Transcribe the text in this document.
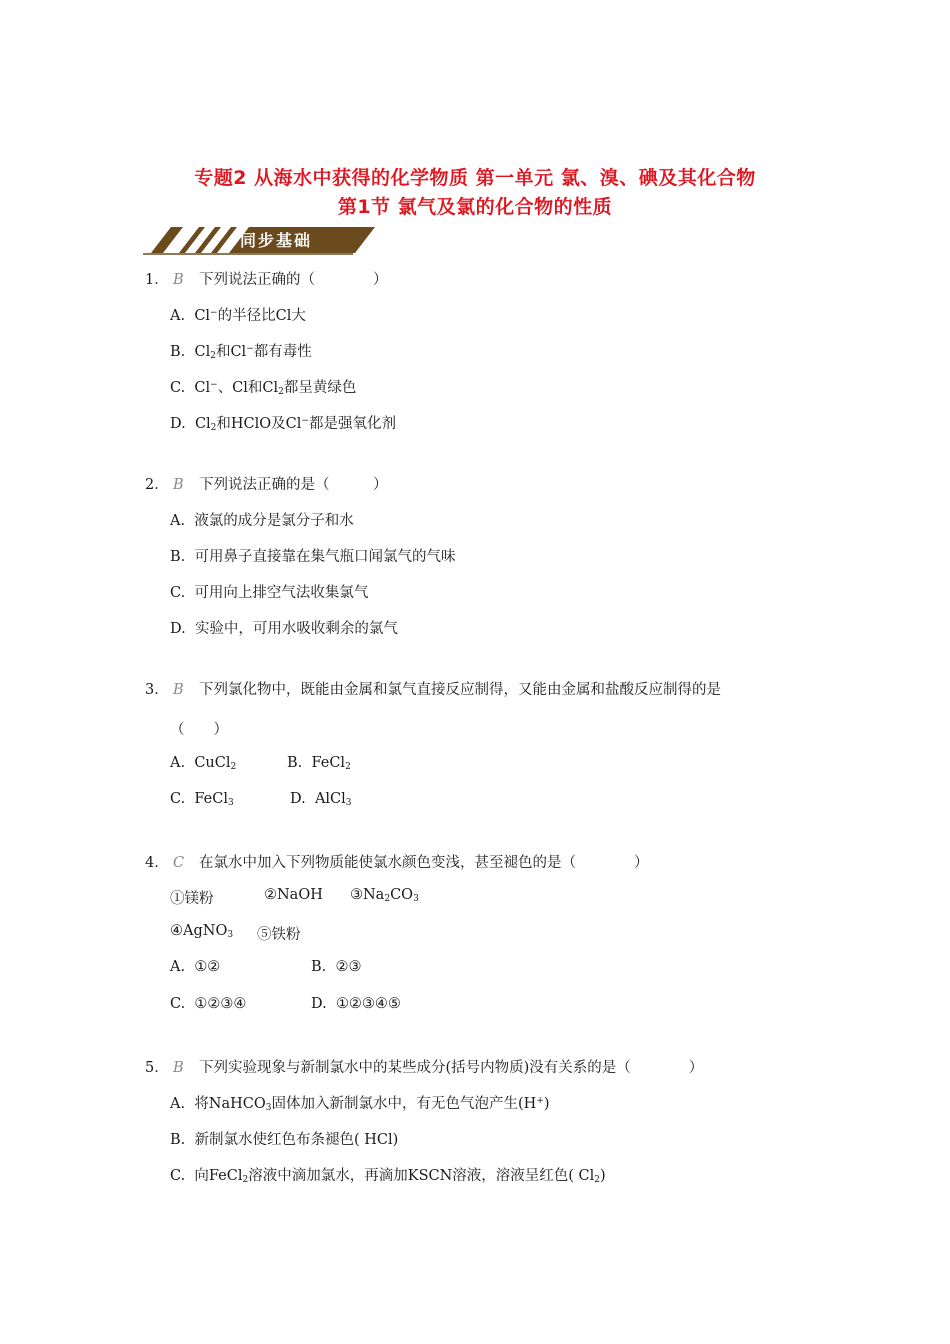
专题2 从海水中获得的化学物质 第一单元 氯、溴、碘及其化合物
第1节 氯气及氯的化合物的性质
同步基础
1． B 下列说法正确的（　　　　）
A. Cl−的半径比Cl大
B. $Cl_2$和Cl−都有毒性
C. Cl−、Cl和$Cl_2$都呈黄绿色
D. $Cl_2$和HClO及Cl−都是强氧化剂
2． B 下列说法正确的是（　　　）
A. 液氯的成分是氯分子和水
B. 可用鼻子直接靠在集气瓶口闻氯气的气味
C. 可用向上排空气法收集氯气
D. 实验中，可用水吸收剩余的氯气
3． B 下列氯化物中，既能由金属和氯气直接反应制得，又能由金属和盐酸反应制得的是
（　　）
A. CuCl$_2$	B. FeCl$_2$
C. FeCl$_3$	D. AlCl$_3$
4． C 在氯水中加入下列物质能使氯水颜色变浅，甚至褪色的是（　　　　）
①镁粉	②NaOH $③Na_2CO_3$
④AgNO$_3$ ⑤铁粉
A. ①②	B. ②③
C. ①②③④	D. ①②③④⑤
5． B 下列实验现象与新制氯水中的某些成分(括号内物质)没有关系的是（　　　　）
A. 将NaHCO$_3$固体加入新制氯水中，有无色气泡产生(H+)
B. 新制氯水使红色布条褪色( HCl)
C. 向FeCl$_2$溶液中滴加氯水，再滴加KSCN溶液，溶液呈红色( $Cl_2$)
